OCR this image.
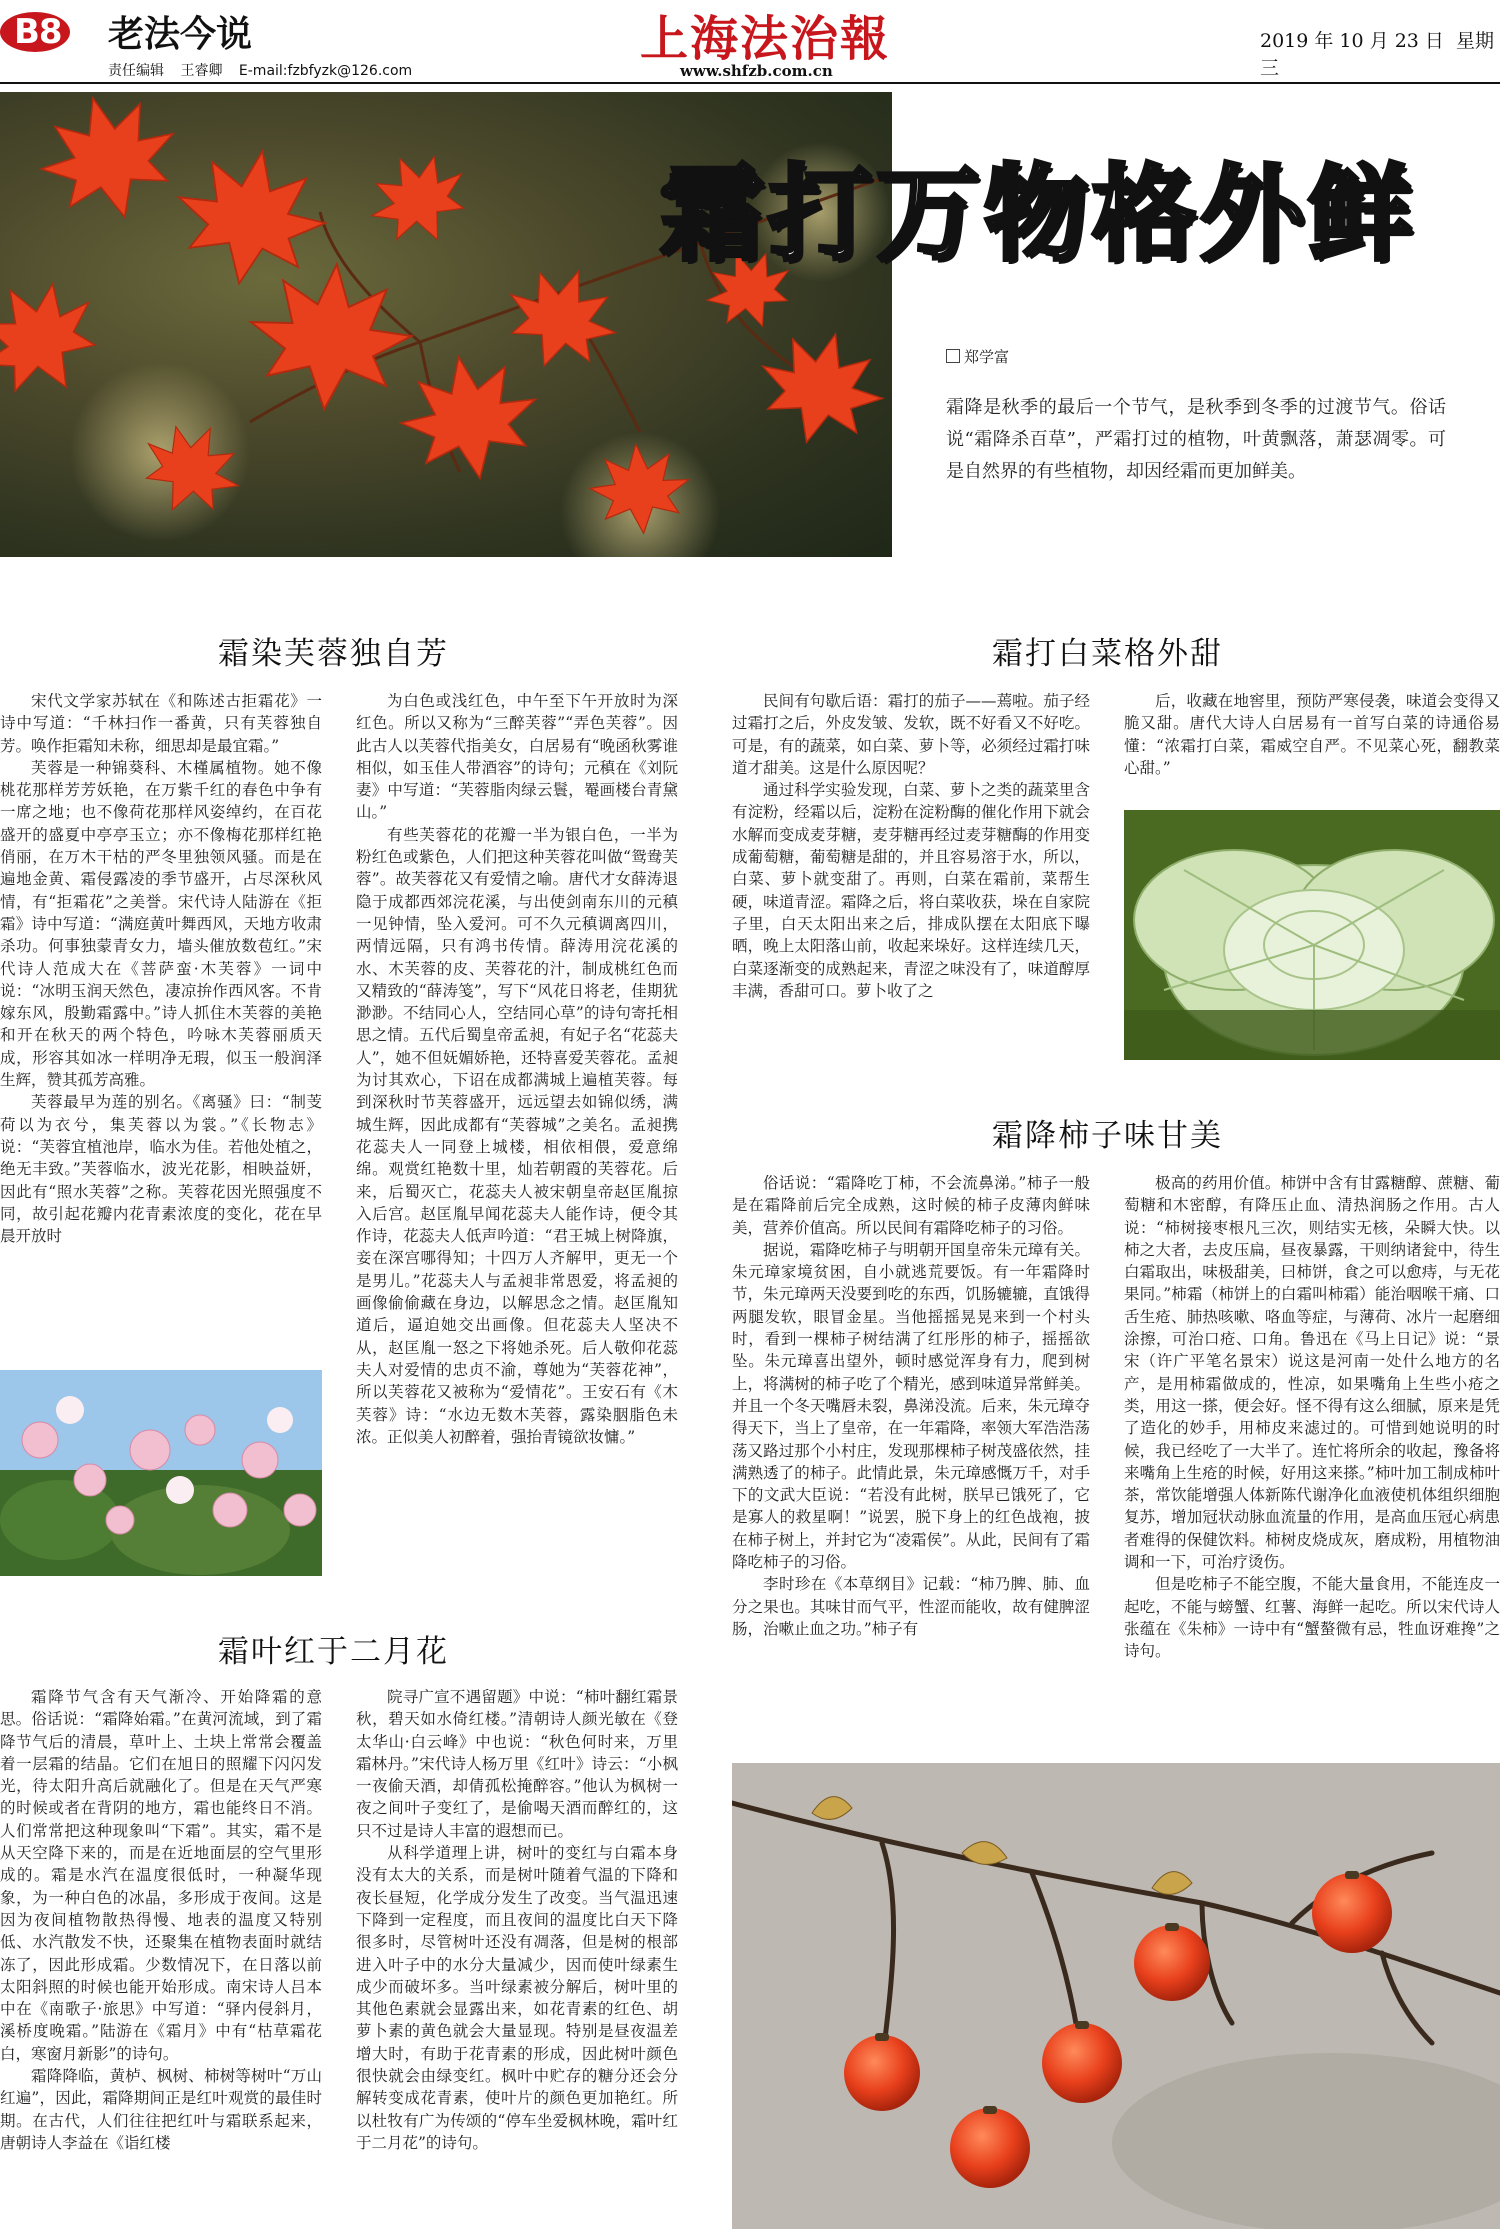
B8 老法今说
责任编辑 王睿卿 E-mail:fzbfyzk@126.com
上海法治報
www.shfzb.com.cn
2019 年 10 月 23 日 星期三
霜打万物格外鲜
郑学富
霜降是秋季的最后一个节气，是秋季到冬季的过渡节气。俗话说“霜降杀百草”，严霜打过的植物，叶黄飘落，萧瑟凋零。可是自然界的有些植物，却因经霜而更加鲜美。
霜染芙蓉独自芳

宋代文学家苏轼在《和陈述古拒霜花》一诗中写道：“千林扫作一番黄，只有芙蓉独自芳。唤作拒霜知未称，细思却是最宜霜。”

芙蓉是一种锦葵科、木槿属植物。她不像桃花那样芳芳妖艳，在万紫千红的春色中争有一席之地；也不像荷花那样风姿绰约，在百花盛开的盛夏中亭亭玉立；亦不像梅花那样红艳俏丽，在万木干枯的严冬里独领风骚。而是在遍地金黄、霜侵露凌的季节盛开，占尽深秋风情，有“拒霜花”之美誉。宋代诗人陆游在《拒霜》诗中写道：“满庭黄叶舞西风，天地方收肃杀功。何事独蒙青女力，墙头催放数苞红。”宋代诗人范成大在《菩萨蛮·木芙蓉》一词中说：“冰明玉润天然色，凄凉拚作西风客。不肯嫁东风，殷勤霜露中。”诗人抓住木芙蓉的美艳和开在秋天的两个特色，吟咏木芙蓉丽质天成，形容其如冰一样明净无瑕，似玉一般润泽生辉，赞其孤芳高雅。

芙蓉最早为莲的别名。《离骚》曰：“制芰荷以为衣兮，集芙蓉以为裳。”《长物志》说：“芙蓉宜植池岸，临水为佳。若他处植之，绝无丰致。”芙蓉临水，波光花影，相映益妍，因此有“照水芙蓉”之称。芙蓉花因光照强度不同，故引起花瓣内花青素浓度的变化，花在早晨开放时

为白色或浅红色，中午至下午开放时为深红色。所以又称为“三醉芙蓉”“弄色芙蓉”。因此古人以芙蓉代指美女，白居易有“晚函秋雾谁相似，如玉佳人带酒容”的诗句；元稹在《刘阮妻》中写道：“芙蓉脂肉绿云鬟，罨画楼台青黛山。”

有些芙蓉花的花瓣一半为银白色，一半为粉红色或紫色，人们把这种芙蓉花叫做“鸳鸯芙蓉”。故芙蓉花又有爱情之喻。唐代才女薛涛退隐于成都西郊浣花溪，与出使剑南东川的元稹一见钟情，坠入爱河。可不久元稹调离四川，两情远隔，只有鸿书传情。薛涛用浣花溪的水、木芙蓉的皮、芙蓉花的汁，制成桃红色而又精致的“薛涛笺”，写下“风花日将老，佳期犹渺渺。不结同心人，空结同心草”的诗句寄托相思之情。五代后蜀皇帝孟昶，有妃子名“花蕊夫人”，她不但妩媚娇艳，还特喜爱芙蓉花。孟昶为讨其欢心，下诏在成都满城上遍植芙蓉。每到深秋时节芙蓉盛开，远远望去如锦似绣，满城生辉，因此成都有“芙蓉城”之美名。孟昶携花蕊夫人一同登上城楼，相依相偎，爱意绵绵。观赏红艳数十里，灿若朝霞的芙蓉花。后来，后蜀灭亡，花蕊夫人被宋朝皇帝赵匡胤掠入后宫。赵匡胤早闻花蕊夫人能作诗，便令其作诗，花蕊夫人低声吟道：“君王城上树降旗，妾在深宫哪得知；十四万人齐解甲，更无一个是男儿。”花蕊夫人与孟昶非常恩爱，将孟昶的画像偷偷藏在身边，以解思念之情。赵匡胤知道后，逼迫她交出画像。但花蕊夫人坚决不从，赵匡胤一怒之下将她杀死。后人敬仰花蕊夫人对爱情的忠贞不渝，尊她为“芙蓉花神”，所以芙蓉花又被称为“爱情花”。王安石有《木芙蓉》诗：“水边无数木芙蓉，露染胭脂色未浓。正似美人初醉着，强抬青镜欲妆慵。”

霜叶红于二月花

霜降节气含有天气渐冷、开始降霜的意思。俗话说：“霜降始霜。”在黄河流域，到了霜降节气后的清晨，草叶上、土块上常常会覆盖着一层霜的结晶。它们在旭日的照耀下闪闪发光，待太阳升高后就融化了。但是在天气严寒的时候或者在背阴的地方，霜也能终日不消。人们常常把这种现象叫“下霜”。其实，霜不是从天空降下来的，而是在近地面层的空气里形成的。霜是水汽在温度很低时，一种凝华现象，为一种白色的冰晶，多形成于夜间。这是因为夜间植物散热得慢、地表的温度又特别低、水汽散发不快，还聚集在植物表面时就结冻了，因此形成霜。少数情况下，在日落以前太阳斜照的时候也能开始形成。南宋诗人吕本中在《南歌子·旅思》中写道：“驿内侵斜月，溪桥度晚霜。”陆游在《霜月》中有“枯草霜花白，寒窗月新影”的诗句。

霜降降临，黄栌、枫树、柿树等树叶“万山红遍”，因此，霜降期间正是红叶观赏的最佳时期。在古代，人们往往把红叶与霜联系起来，唐朝诗人李益在《诣红楼

院寻广宣不遇留题》中说：“柿叶翻红霜景秋，碧天如水倚红楼。”清朝诗人颜光敏在《登太华山·白云峰》中也说：“秋色何时来，万里霜林丹。”宋代诗人杨万里《红叶》诗云：“小枫一夜偷天酒，却倩孤松掩醉容。”他认为枫树一夜之间叶子变红了，是偷喝天酒而醉红的，这只不过是诗人丰富的遐想而已。

从科学道理上讲，树叶的变红与白霜本身没有太大的关系，而是树叶随着气温的下降和夜长昼短，化学成分发生了改变。当气温迅速下降到一定程度，而且夜间的温度比白天下降很多时，尽管树叶还没有凋落，但是树的根部进入叶子中的水分大量减少，因而使叶绿素生成少而破坏多。当叶绿素被分解后，树叶里的其他色素就会显露出来，如花青素的红色、胡萝卜素的黄色就会大量显现。特别是昼夜温差增大时，有助于花青素的形成，因此树叶颜色很快就会由绿变红。枫叶中贮存的糖分还会分解转变成花青素，使叶片的颜色更加艳红。所以杜牧有广为传颂的“停车坐爱枫林晚，霜叶红于二月花”的诗句。

霜打白菜格外甜

民间有句歇后语：霜打的茄子——蔫啦。茄子经过霜打之后，外皮发皱、发软，既不好看又不好吃。可是，有的蔬菜，如白菜、萝卜等，必须经过霜打味道才甜美。这是什么原因呢？

通过科学实验发现，白菜、萝卜之类的蔬菜里含有淀粉，经霜以后，淀粉在淀粉酶的催化作用下就会水解而变成麦芽糖，麦芽糖再经过麦芽糖酶的作用变成葡萄糖，葡萄糖是甜的，并且容易溶于水，所以，白菜、萝卜就变甜了。再则，白菜在霜前，菜帮生硬，味道青涩。霜降之后，将白菜收获，垛在自家院子里，白天太阳出来之后，排成队摆在太阳底下曝晒，晚上太阳落山前，收起来垛好。这样连续几天，白菜逐渐变的成熟起来，青涩之味没有了，味道醇厚丰满，香甜可口。萝卜收了之

后，收藏在地窖里，预防严寒侵袭，味道会变得又脆又甜。唐代大诗人白居易有一首写白菜的诗通俗易懂：“浓霜打白菜，霜威空自严。不见菜心死，翻教菜心甜。”

霜降柿子味甘美

俗话说：“霜降吃丁柿，不会流鼻涕。”柿子一般是在霜降前后完全成熟，这时候的柿子皮薄肉鲜味美，营养价值高。所以民间有霜降吃柿子的习俗。

据说，霜降吃柿子与明朝开国皇帝朱元璋有关。朱元璋家境贫困，自小就逃荒要饭。有一年霜降时节，朱元璋两天没要到吃的东西，饥肠辘辘，直饿得两腿发软，眼冒金星。当他摇摇晃晃来到一个村头时，看到一棵柿子树结满了红彤彤的柿子，摇摇欲坠。朱元璋喜出望外，顿时感觉浑身有力，爬到树上，将满树的柿子吃了个精光，感到味道异常鲜美。并且一个冬天嘴唇未裂，鼻涕没流。后来，朱元璋夺得天下，当上了皇帝，在一年霜降，率领大军浩浩荡荡又路过那个小村庄，发现那棵柿子树茂盛依然，挂满熟透了的柿子。此情此景，朱元璋感慨万千，对手下的文武大臣说：“若没有此树，朕早已饿死了，它是寡人的救星啊！”说罢，脱下身上的红色战袍，披在柿子树上，并封它为“凌霜侯”。从此，民间有了霜降吃柿子的习俗。

李时珍在《本草纲目》记载：“柿乃脾、肺、血分之果也。其味甘而气平，性涩而能收，故有健脾涩肠，治嗽止血之功。”柿子有

极高的药用价值。柿饼中含有甘露糖醇、蔗糖、葡萄糖和木密醇，有降压止血、清热润肠之作用。古人说：“柿树接枣根凡三次，则结实无核，朵瞬大快。以柿之大者，去皮压扁，昼夜暴露，干则纳诸瓮中，待生白霜取出，味极甜美，曰柿饼，食之可以愈痔，与无花果同。”柿霜（柿饼上的白霜叫柿霜）能治咽喉干痛、口舌生疮、肺热咳嗽、咯血等症，与薄荷、冰片一起磨细涂擦，可治口疮、口角。鲁迅在《马上日记》说：“景宋（许广平笔名景宋）说这是河南一处什么地方的名产，是用柿霜做成的，性凉，如果嘴角上生些小疮之类，用这一搽，便会好。怪不得有这么细腻，原来是凭了造化的妙手，用柿皮来滤过的。可惜到她说明的时候，我已经吃了一大半了。连忙将所余的收起，豫备将来嘴角上生疮的时候，好用这来搽。”柿叶加工制成柿叶茶，常饮能增强人体新陈代谢净化血液使机体组织细胞复苏，增加冠状动脉血流量的作用，是高血压冠心病患者难得的保健饮料。柿树皮烧成灰，磨成粉，用植物油调和一下，可治疗烫伤。

但是吃柿子不能空腹，不能大量食用，不能连皮一起吃，不能与螃蟹、红薯、海鲜一起吃。所以宋代诗人张蕴在《朱柿》一诗中有“蟹螯微有忌，牲血讶难搀”之诗句。
